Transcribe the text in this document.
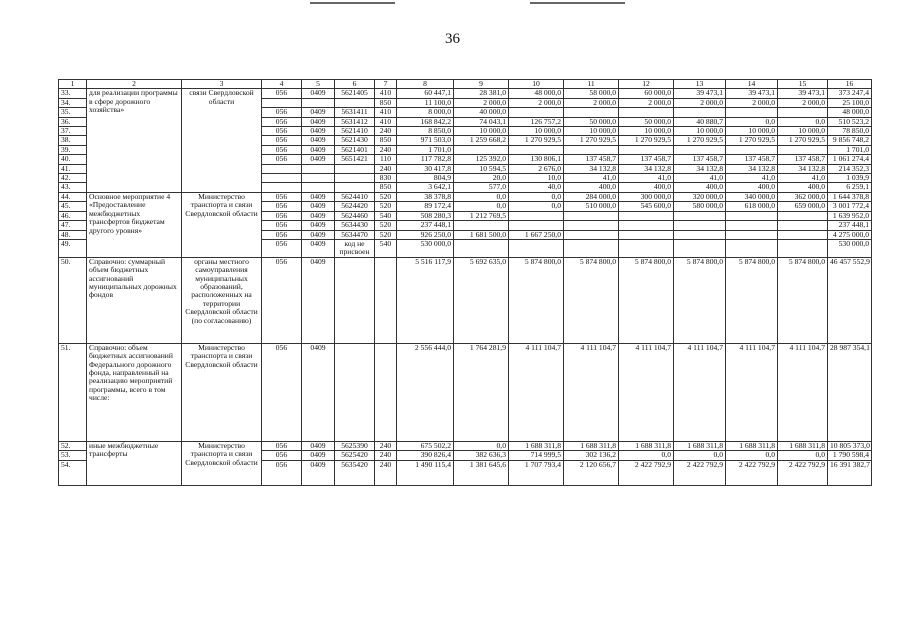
36
1	2	3	4	5	6	7	8	9	10	11	12	13	14	15	16
33.	для реализации программы в сфере дорожного хозяйства»	связи Свердловской области	056	0409	5621405	410	60 447,1	28 381,0	48 000,0	58 000,0	60 000,0	39 473,1	39 473,1	39 473,1	373 247,4
34.						850	11 100,0	2 000,0	2 000,0	2 000,0	2 000,0	2 000,0	2 000,0	2 000,0	25 100,0
35.			056	0409	5631411	410	8 000,0	40 000,0							48 000,0
36.			056	0409	5631412	410	168 842,2	74 043,1	126 757,2	50 000,0	50 000,0	40 880,7	0,0	0,0	510 523,2
37.			056	0409	5621410	240	8 850,0	10 000,0	10 000,0	10 000,0	10 000,0	10 000,0	10 000,0	10 000,0	78 850,0
38.			056	0409	5621430	850	971 503,0	1 259 668,2	1 270 929,5	1 270 929,5	1 270 929,5	1 270 929,5	1 270 929,5	1 270 929,5	9 856 748,2
39.			056	0409	5621401	240	1 701,0								1 701,0
40.			056	0409	5651421	110	117 782,8	125 392,0	130 806,1	137 458,7	137 458,7	137 458,7	137 458,7	137 458,7	1 061 274,4
41.						240	30 417,8	10 594,5	2 676,0	34 132,8	34 132,8	34 132,8	34 132,8	34 132,8	214 352,3
42.						830	804,9	20,0	10,0	41,0	41,0	41,0	41,0	41,0	1 039,9
43.						850	3 642,1	577,0	40,0	400,0	400,0	400,0	400,0	400,0	6 259,1
44.	Основное мероприятие 4 «Предоставление межбюджетных трансфертов бюджетам другого уровня»	Министерство транспорта и связи Свердловской области	056	0409	5624410	520	38 378,8	0,0	0,0	284 000,0	300 000,0	320 000,0	340 000,0	362 000,0	1 644 378,8
45.			056	0409	5624420	520	89 172,4	0,0	0,0	510 000,0	545 600,0	580 000,0	618 000,0	659 000,0	3 001 772,4
46.			056	0409	5624460	540	508 280,3	1 212 769,5							1 639 952,0
47.			056	0409	5634430	520	237 448,1								237 448,1
48.			056	0409	5634470	520	926 250,0	1 681 500,0	1 667 250,0						4 275 000,0
49.			056	0409	код не присвоен	540	530 000,0								530 000,0
50.	Справочно: суммарный объем бюджетных ассигнований муниципальных дорожных фондов	органы местного самоуправления муниципальных образований, расположенных на территории Свердловской области (по согласованию)	056	0409			5 516 117,9	5 692 635,0	5 874 800,0	5 874 800,0	5 874 800,0	5 874 800,0	5 874 800,0	5 874 800,0	46 457 552,9
51.	Справочно: объем бюджетных ассигнований Федерального дорожного фонда, направленный на реализацию мероприятий программы, всего в том числе:	Министерство транспорта и связи Свердловской области	056	0409			2 556 444,0	1 764 281,9	4 111 104,7	4 111 104,7	4 111 104,7	4 111 104,7	4 111 104,7	4 111 104,7	28 987 354,1
52.	иные межбюджетные трансферты	Министерство транспорта и связи Свердловской области	056	0409	5625390	240	675 502,2	0,0	1 688 311,8	1 688 311,8	1 688 311,8	1 688 311,8	1 688 311,8	1 688 311,8	10 805 373,0
53.			056	0409	5625420	240	390 826,4	382 636,3	714 999,5	302 136,2	0,0	0,0	0,0	0,0	1 790 598,4
54.			056	0409	5635420	240	1 490 115,4	1 381 645,6	1 707 793,4	2 120 656,7	2 422 792,9	2 422 792,9	2 422 792,9	2 422 792,9	16 391 382,7
